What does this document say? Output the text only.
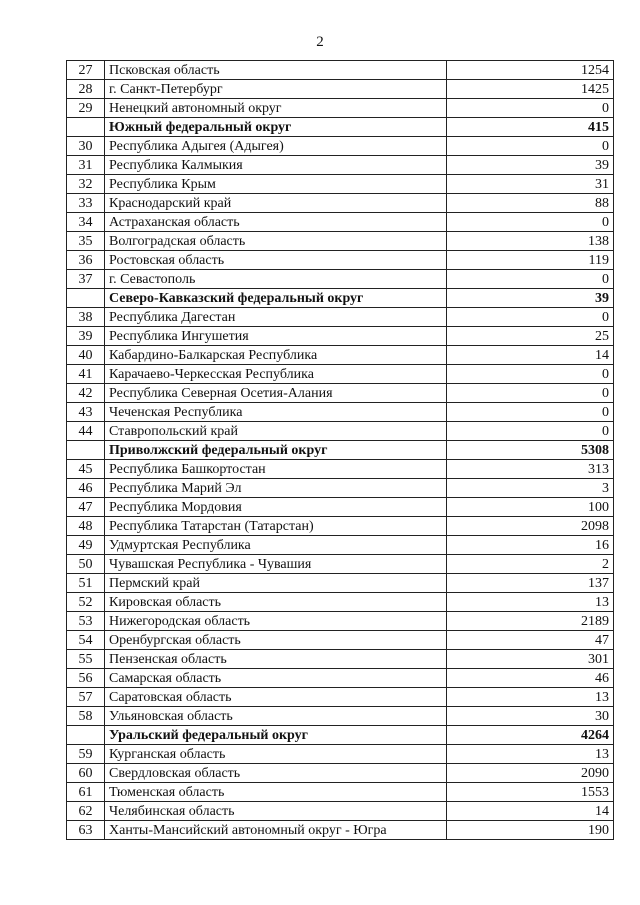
2
27	Псковская область	1254
28	г. Санкт-Петербург	1425
29	Ненецкий автономный округ	0
	Южный федеральный округ	415
30	Республика Адыгея (Адыгея)	0
31	Республика Калмыкия	39
32	Республика Крым	31
33	Краснодарский край	88
34	Астраханская область	0
35	Волгоградская область	138
36	Ростовская область	119
37	г. Севастополь	0
	Северо-Кавказский федеральный округ	39
38	Республика Дагестан	0
39	Республика Ингушетия	25
40	Кабардино-Балкарская Республика	14
41	Карачаево-Черкесская Республика	0
42	Республика Северная Осетия-Алания	0
43	Чеченская Республика	0
44	Ставропольский край	0
	Приволжский федеральный округ	5308
45	Республика Башкортостан	313
46	Республика Марий Эл	3
47	Республика Мордовия	100
48	Республика Татарстан (Татарстан)	2098
49	Удмуртская Республика	16
50	Чувашская Республика - Чувашия	2
51	Пермский край	137
52	Кировская область	13
53	Нижегородская область	2189
54	Оренбургская область	47
55	Пензенская область	301
56	Самарская область	46
57	Саратовская область	13
58	Ульяновская область	30
	Уральский федеральный округ	4264
59	Курганская область	13
60	Свердловская область	2090
61	Тюменская область	1553
62	Челябинская область	14
63	Ханты-Мансийский автономный округ - Югра	190
